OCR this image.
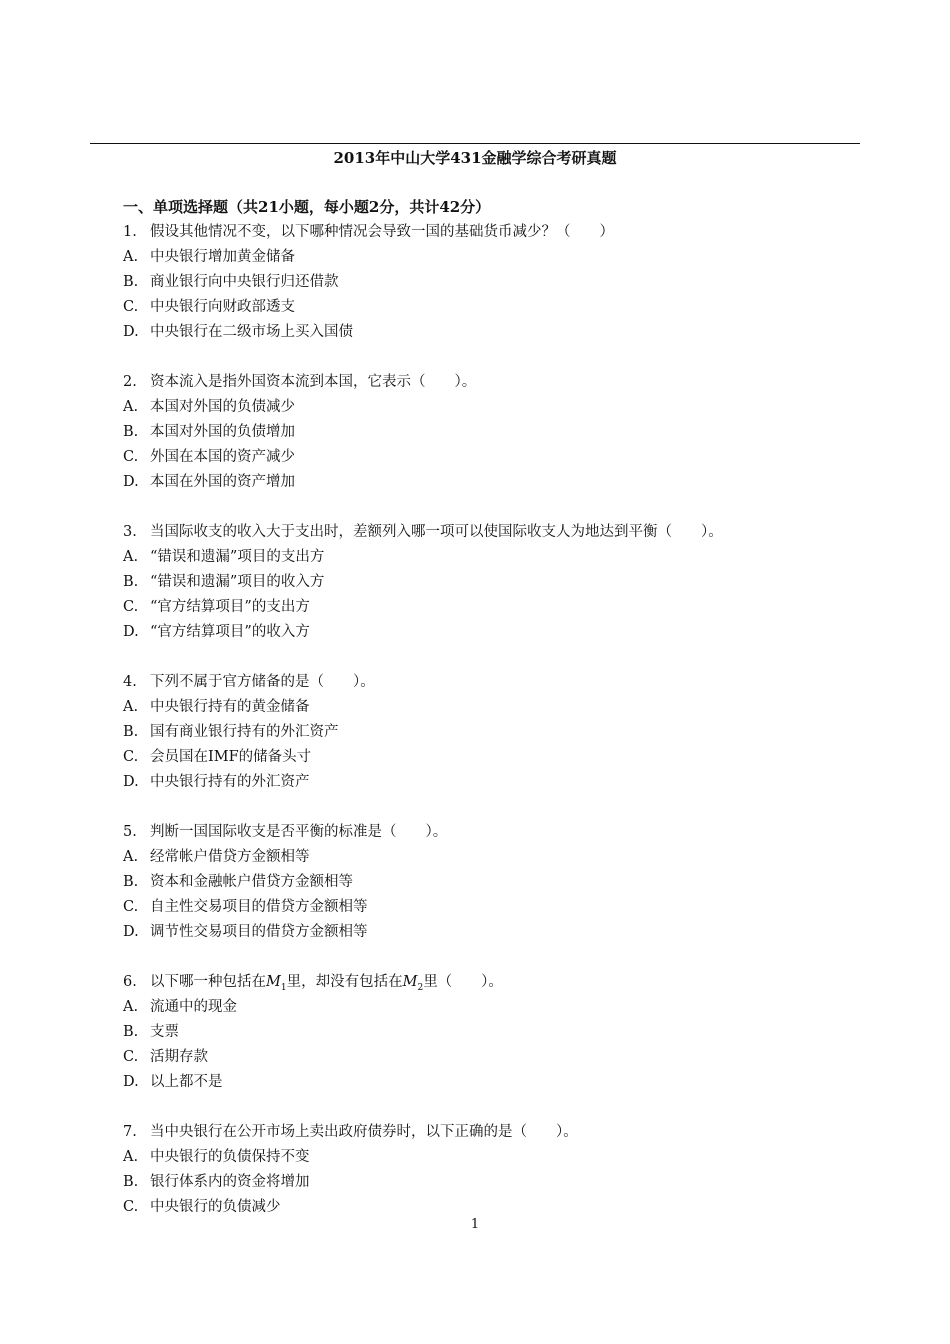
2013年中山大学431金融学综合考研真题
一、单项选择题（共21小题，每小题2分，共计42分）
1. 假设其他情况不变，以下哪种情况会导致一国的基础货币减少？（　　）
A. 中央银行增加黄金储备
B. 商业银行向中央银行归还借款
C. 中央银行向财政部透支
D. 中央银行在二级市场上买入国债
2. 资本流入是指外国资本流到本国，它表示（　　）。
A. 本国对外国的负债减少
B. 本国对外国的负债增加
C. 外国在本国的资产减少
D. 本国在外国的资产增加
3. 当国际收支的收入大于支出时，差额列入哪一项可以使国际收支人为地达到平衡（　　）。
A. “错误和遗漏”项目的支出方
B. “错误和遗漏”项目的收入方
C. “官方结算项目”的支出方
D. “官方结算项目”的收入方
4. 下列不属于官方储备的是（　　）。
A. 中央银行持有的黄金储备
B. 国有商业银行持有的外汇资产
C. 会员国在IMF的储备头寸
D. 中央银行持有的外汇资产
5. 判断一国国际收支是否平衡的标准是（　　）。
A. 经常帐户借贷方金额相等
B. 资本和金融帐户借贷方金额相等
C. 自主性交易项目的借贷方金额相等
D. 调节性交易项目的借贷方金额相等
6. 以下哪一种包括在$M_1$里，却没有包括在$M_2$里（　　）。
A. 流通中的现金
B. 支票
C. 活期存款
D. 以上都不是
7. 当中央银行在公开市场上卖出政府债券时，以下正确的是（　　）。
A. 中央银行的负债保持不变
B. 银行体系内的资金将增加
C. 中央银行的负债减少
1
